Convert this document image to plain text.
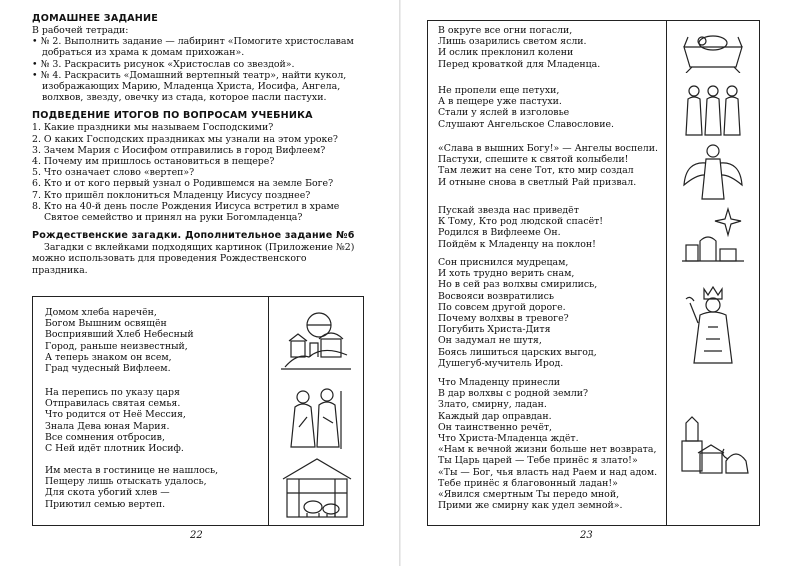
ДОМАШНЕЕ ЗАДАНИЕ

В рабочей тетради:

• № 2. Выполнить задание — лабиринт «Помогите христославам добраться из храма к домам прихожан».

• № 3. Раскрасить рисунок «Христослав со звездой».

• № 4. Раскрасить «Домашний вертепный театр», найти кукол, изображающих Марию, Младенца Христа, Иосифа, Ангела, волхвов, звезду, овечку из стада, которое пасли пастухи.

ПОДВЕДЕНИЕ ИТОГОВ ПО ВОПРОСАМ УЧЕБНИКА

1. Какие праздники мы называем Господскими?

2. О каких Господских праздниках мы узнали на этом уроке?

3. Зачем Мария с Иосифом отправились в город Вифлеем?

4. Почему им пришлось остановиться в пещере?

5. Что означает слово «вертеп»?

6. Кто и от кого первый узнал о Родившемся на земле Боге?

7. Кто пришёл поклониться Младенцу Иисусу позднее?

8. Кто на 40-й день после Рождения Иисуса встретил в храме Святое семейство и принял на руки Богомладенца?

Рождественские загадки. Дополнительное задание №6

Загадки с вклейками подходящих картинок (Приложение №2) можно использовать для проведения Рождественского праздника.

Домом хлеба наречён,
Богом Вышним освящён
Восприявший Хлеб Небесный
Город, раньше неизвестный,
А теперь знаком он всем,
Град чудесный Вифлеем.
На перепись по указу царя
Отправилась святая семья.
Что родится от Неё Мессия,
Знала Дева юная Мария.
Все сомнения отбросив,
С Ней идёт плотник Иосиф.
Им места в гостинице не нашлось,
Пещеру лишь отыскать удалось,
Для скота убогий хлев —
Приютил семью вертеп.
22
В округе все огни погасли,
Лишь озарились светом ясли.
И ослик преклонил колени
Перед кроваткой для Младенца.
Не пропели еще петухи,
А в пещере уже пастухи.
Стали у яслей в изголовье
Слушают Ангельское Славословие.
«Слава в вышних Богу!» — Ангелы воспели.
Пастухи, спешите к святой колыбели!
Там лежит на сене Тот, кто мир создал
И отныне снова в светлый Рай призвал.
Пускай звезда нас приведёт
К Тому, Кто род людской спасёт!
Родился в Вифлееме Он.
Пойдём к Младенцу на поклон!
Сон приснился мудрецам,
И хоть трудно верить снам,
Но в сей раз волхвы смирились,
Восвояси возвратились
По совсем другой дороге.
Почему волхвы в тревоге?
Погубить Христа-Дитя
Он задумал не шутя,
Боясь лишиться царских выгод,
Душегуб-мучитель Ирод.
Что Младенцу принесли
В дар волхвы с родной земли?
Злато, смирну, ладан.
Каждый дар оправдан.
Он таинственно речёт,
Что Христа-Младенца ждёт.
«Нам к вечной жизни больше нет возврата,
Ты Царь царей — Тебе принёс я злато!»
«Ты — Бог, чья власть над Раем и над адом.
Тебе принёс я благовонный ладан!»
«Явился смертным Ты передо мной,
Прими же смирну как удел земной».
23
